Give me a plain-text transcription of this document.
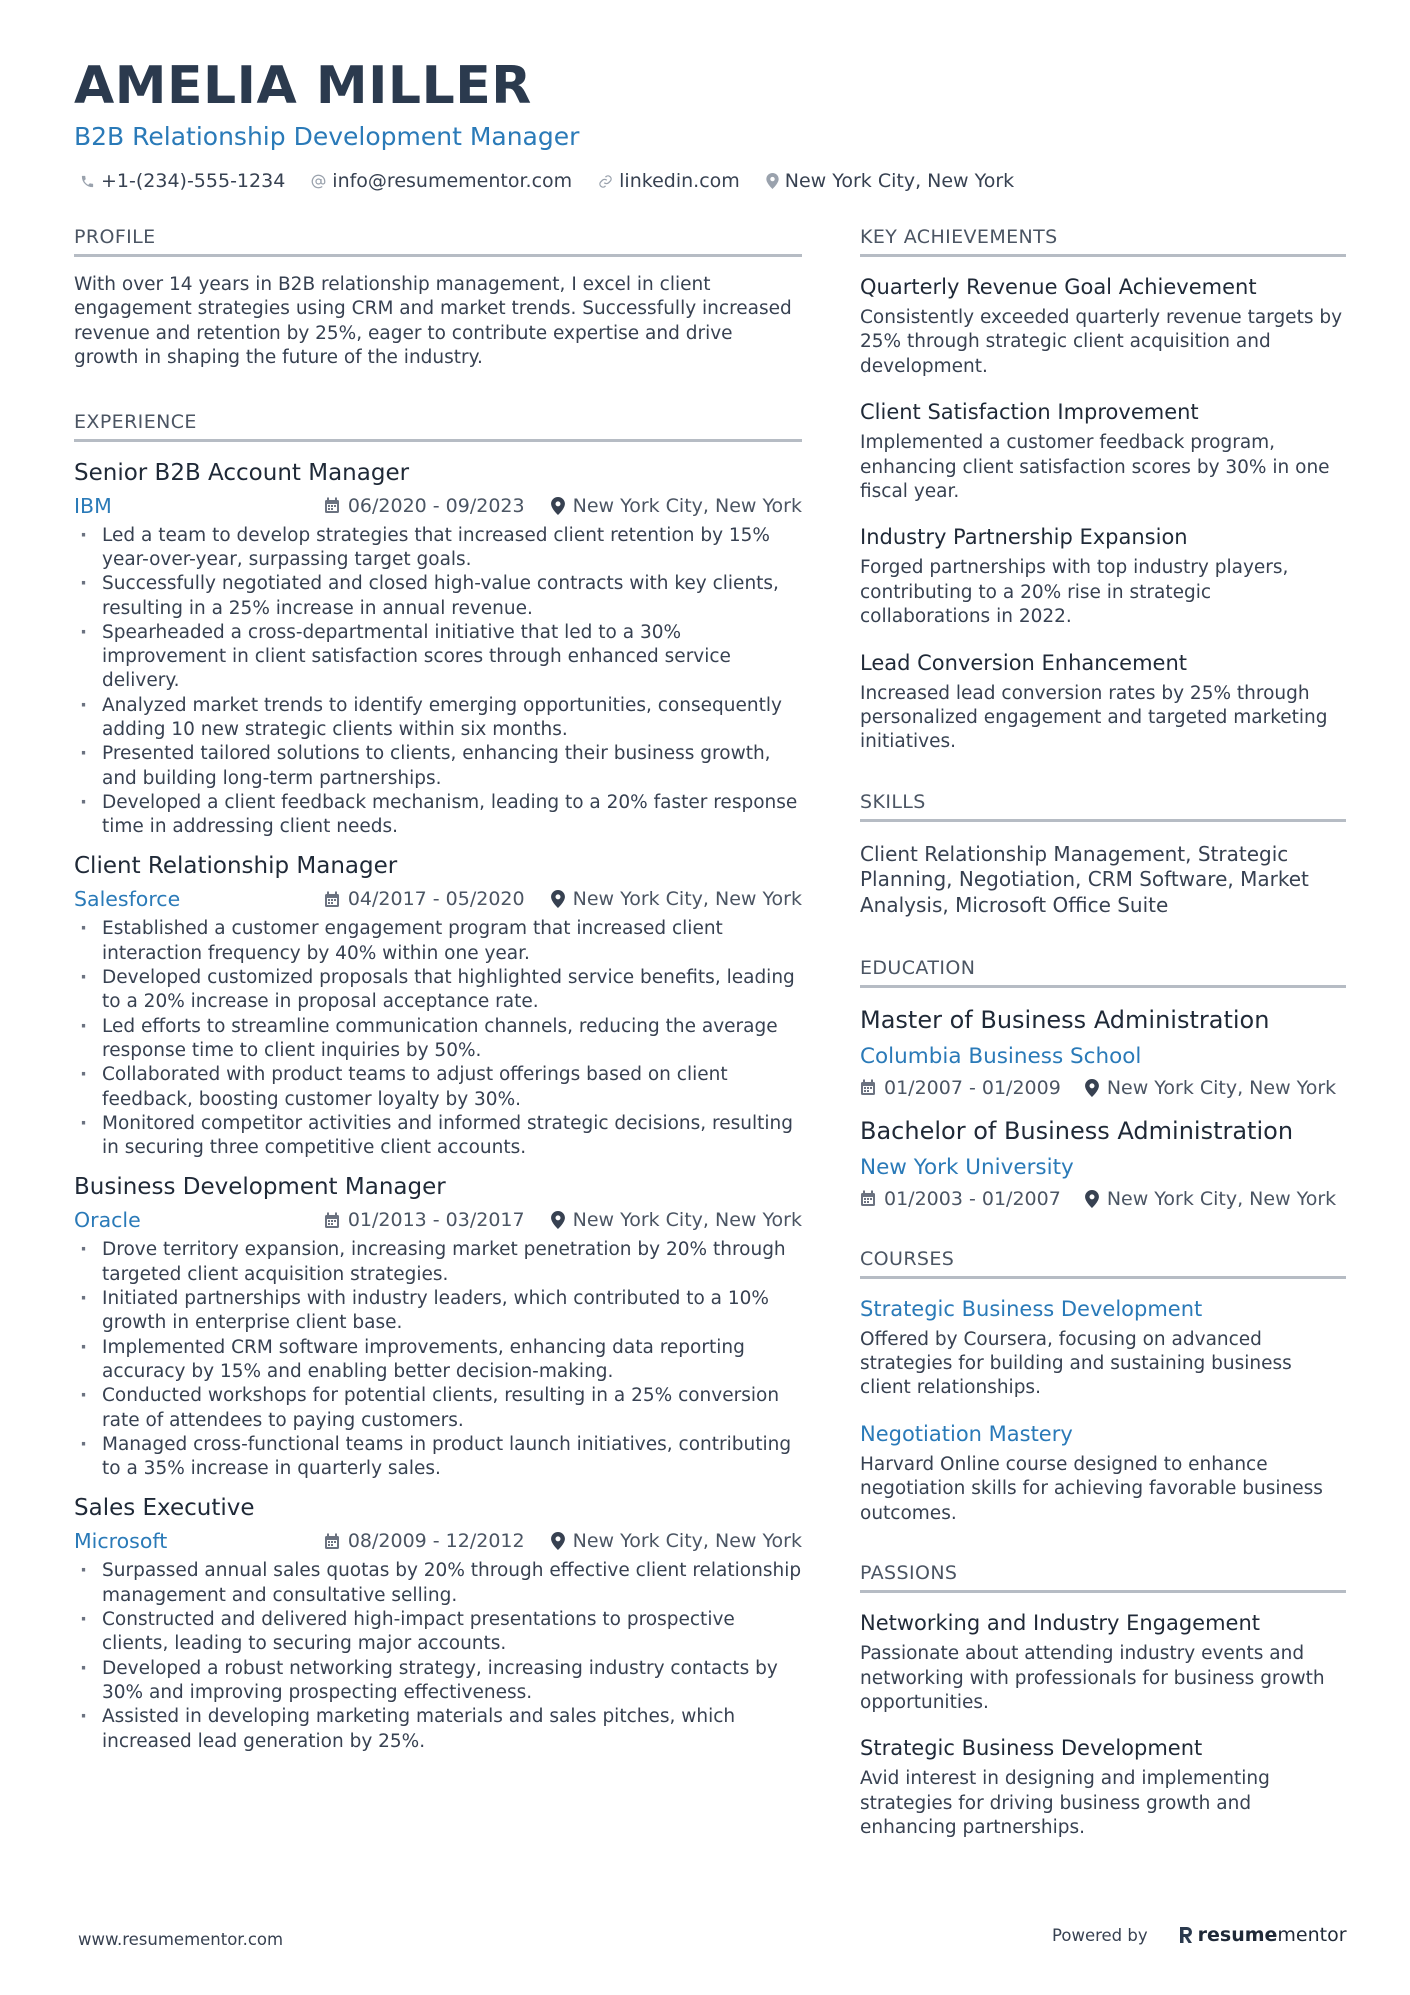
AMELIA MILLER
B2B Relationship Development Manager
+1-(234)-555-1234 info@resumementor.com linkedin.com New York City, New York
PROFILE
With over 14 years in B2B relationship management, I excel in client engagement strategies using CRM and market trends. Successfully increased revenue and retention by 25%, eager to contribute expertise and drive growth in shaping the future of the industry.
EXPERIENCE
Senior B2B Account Manager
IBM	06/2020 - 09/2023	New York City, New York
· Led a team to develop strategies that increased client retention by 15% year-over-year, surpassing target goals.
· Successfully negotiated and closed high-value contracts with key clients, resulting in a 25% increase in annual revenue.
· Spearheaded a cross-departmental initiative that led to a 30% improvement in client satisfaction scores through enhanced service delivery.
· Analyzed market trends to identify emerging opportunities, consequently adding 10 new strategic clients within six months.
· Presented tailored solutions to clients, enhancing their business growth, and building long-term partnerships.
· Developed a client feedback mechanism, leading to a 20% faster response time in addressing client needs.
Client Relationship Manager
Salesforce	04/2017 - 05/2020	New York City, New York
· Established a customer engagement program that increased client interaction frequency by 40% within one year.
· Developed customized proposals that highlighted service benefits, leading to a 20% increase in proposal acceptance rate.
· Led efforts to streamline communication channels, reducing the average response time to client inquiries by 50%.
· Collaborated with product teams to adjust offerings based on client feedback, boosting customer loyalty by 30%.
· Monitored competitor activities and informed strategic decisions, resulting in securing three competitive client accounts.
Business Development Manager
Oracle	01/2013 - 03/2017	New York City, New York
· Drove territory expansion, increasing market penetration by 20% through targeted client acquisition strategies.
· Initiated partnerships with industry leaders, which contributed to a 10% growth in enterprise client base.
· Implemented CRM software improvements, enhancing data reporting accuracy by 15% and enabling better decision-making.
· Conducted workshops for potential clients, resulting in a 25% conversion rate of attendees to paying customers.
· Managed cross-functional teams in product launch initiatives, contributing to a 35% increase in quarterly sales.
Sales Executive
Microsoft	08/2009 - 12/2012	New York City, New York
· Surpassed annual sales quotas by 20% through effective client relationship management and consultative selling.
· Constructed and delivered high-impact presentations to prospective clients, leading to securing major accounts.
· Developed a robust networking strategy, increasing industry contacts by 30% and improving prospecting effectiveness.
· Assisted in developing marketing materials and sales pitches, which increased lead generation by 25%.
KEY ACHIEVEMENTS
Quarterly Revenue Goal Achievement
Consistently exceeded quarterly revenue targets by 25% through strategic client acquisition and development.
Client Satisfaction Improvement
Implemented a customer feedback program, enhancing client satisfaction scores by 30% in one fiscal year.
Industry Partnership Expansion
Forged partnerships with top industry players, contributing to a 20% rise in strategic collaborations in 2022.
Lead Conversion Enhancement
Increased lead conversion rates by 25% through personalized engagement and targeted marketing initiatives.
SKILLS
Client Relationship Management, Strategic Planning, Negotiation, CRM Software, Market Analysis, Microsoft Office Suite
EDUCATION
Master of Business Administration
Columbia Business School
01/2007 - 01/2009 New York City, New York
Bachelor of Business Administration
New York University
01/2003 - 01/2007 New York City, New York
COURSES
Strategic Business Development
Offered by Coursera, focusing on advanced strategies for building and sustaining business client relationships.
Negotiation Mastery
Harvard Online course designed to enhance negotiation skills for achieving favorable business outcomes.
PASSIONS
Networking and Industry Engagement
Passionate about attending industry events and networking with professionals for business growth opportunities.
Strategic Business Development
Avid interest in designing and implementing strategies for driving business growth and enhancing partnerships.
www.resumementor.com	Powered by	resume mentor
